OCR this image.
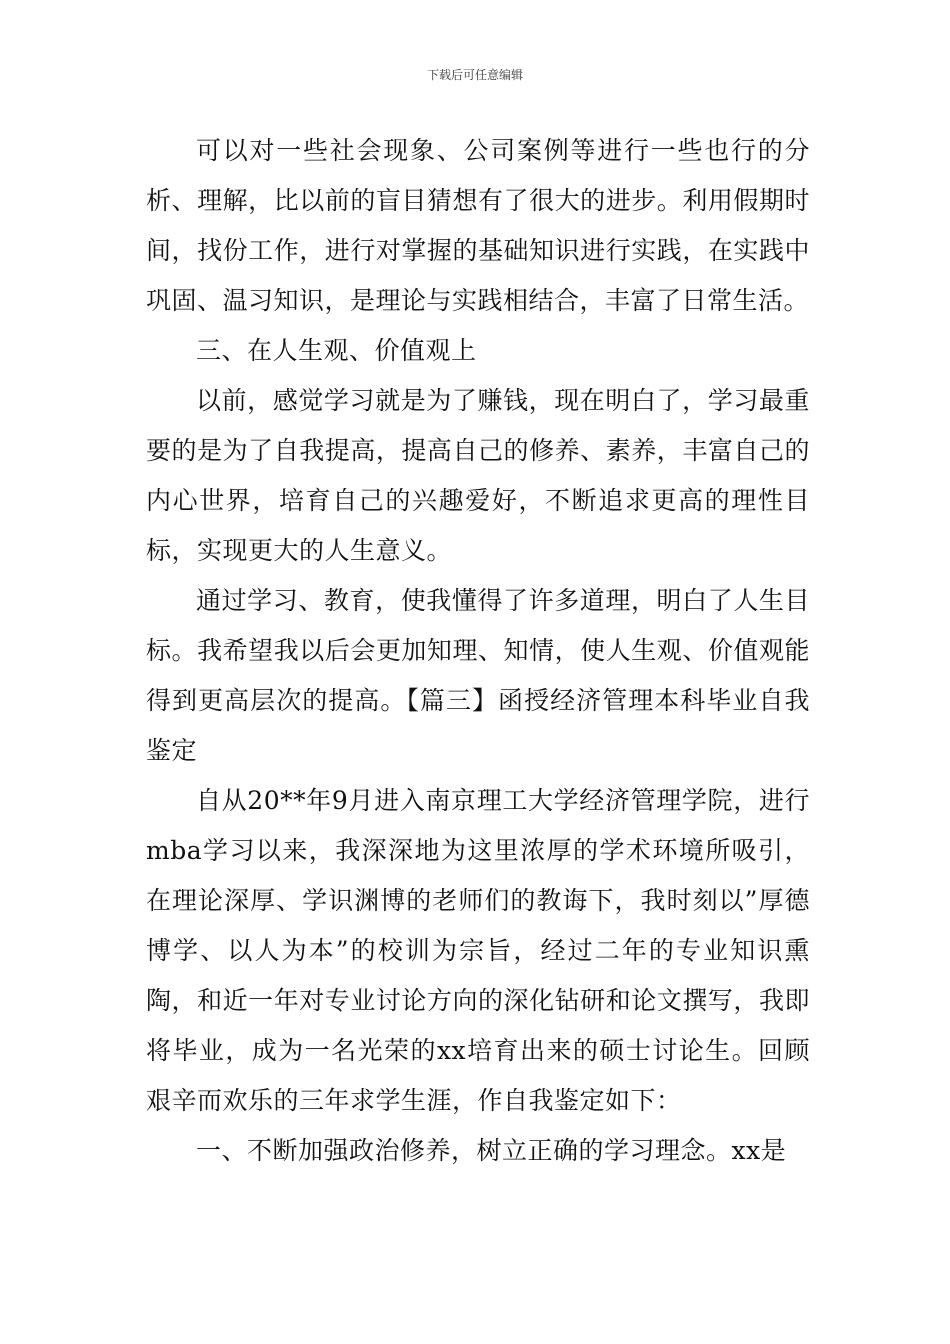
下载后可任意编辑

可以对一些社会现象、公司案例等进行一些也行的分析、理解，比以前的盲目猜想有了很大的进步。利用假期时间，找份工作，进行对掌握的基础知识进行实践，在实践中巩固、温习知识，是理论与实践相结合，丰富了日常生活。

三、在人生观、价值观上

以前，感觉学习就是为了赚钱，现在明白了，学习最重要的是为了自我提高，提高自己的修养、素养，丰富自己的内心世界，培育自己的兴趣爱好，不断追求更高的理性目标，实现更大的人生意义。

通过学习、教育，使我懂得了许多道理，明白了人生目标。我希望我以后会更加知理、知情，使人生观、价值观能得到更高层次的提高。【篇三】函授经济管理本科毕业自我鉴定

自从20**年9月进入南京理工大学经济管理学院，进行mba学习以来，我深深地为这里浓厚的学术环境所吸引，在理论深厚、学识渊博的老师们的教诲下，我时刻以”厚德博学、以人为本”的校训为宗旨，经过二年的专业知识熏陶，和近一年对专业讨论方向的深化钻研和论文撰写，我即将毕业，成为一名光荣的xx培育出来的硕士讨论生。回顾艰辛而欢乐的三年求学生涯，作自我鉴定如下：

一、不断加强政治修养，树立正确的学习理念。xx是
